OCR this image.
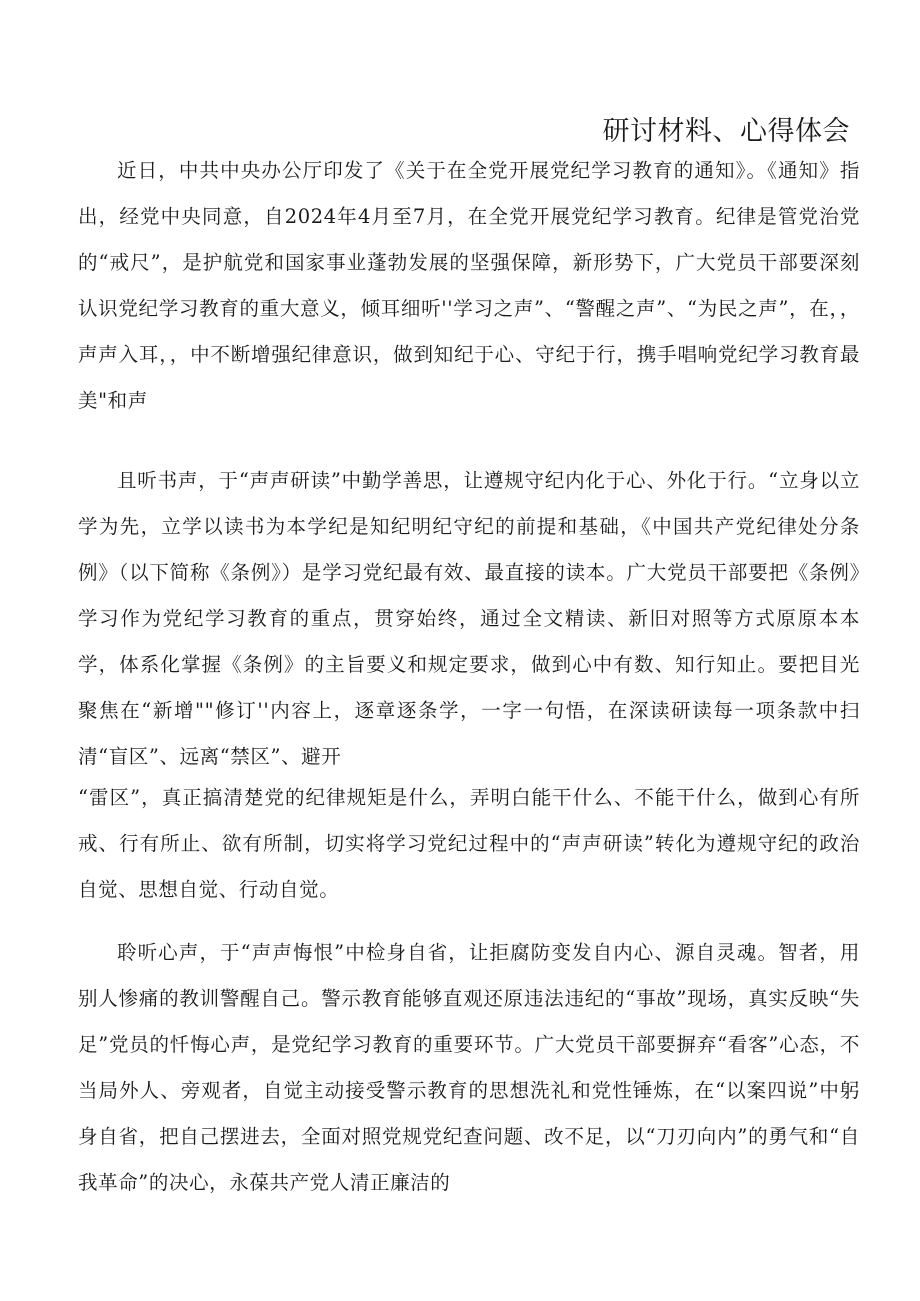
研讨材料、心得体会

近日，中共中央办公厅印发了《关于在全党开展党纪学习教育的通知》。《通知》指出，经党中央同意，自2024年4月至7月，在全党开展党纪学习教育。纪律是管党治党的“戒尺”，是护航党和国家事业蓬勃发展的坚强保障，新形势下，广大党员干部要深刻认识党纪学习教育的重大意义，倾耳细听''学习之声”、“警醒之声”、“为民之声”，在，，声声入耳，，中不断增强纪律意识，做到知纪于心、守纪于行，携手唱响党纪学习教育最美"和声

且听书声，于“声声研读”中勤学善思，让遵规守纪内化于心、外化于行。“立身以立学为先，立学以读书为本学纪是知纪明纪守纪的前提和基础，《中国共产党纪律处分条例》（以下简称《条例》）是学习党纪最有效、最直接的读本。广大党员干部要把《条例》学习作为党纪学习教育的重点，贯穿始终，通过全文精读、新旧对照等方式原原本本学，体系化掌握《条例》的主旨要义和规定要求，做到心中有数、知行知止。要把目光聚焦在“新增""修订''内容上，逐章逐条学，一字一句悟，在深读研读每一项条款中扫清“盲区”、远离“禁区”、避开

“雷区”，真正搞清楚党的纪律规矩是什么，弄明白能干什么、不能干什么，做到心有所戒、行有所止、欲有所制，切实将学习党纪过程中的“声声研读”转化为遵规守纪的政治自觉、思想自觉、行动自觉。

聆听心声，于“声声悔恨”中检身自省，让拒腐防变发自内心、源自灵魂。智者，用别人惨痛的教训警醒自己。警示教育能够直观还原违法违纪的“事故”现场，真实反映“失足”党员的忏悔心声，是党纪学习教育的重要环节。广大党员干部要摒弃“看客”心态，不当局外人、旁观者，自觉主动接受警示教育的思想洗礼和党性锤炼，在“以案四说”中躬身自省，把自己摆进去，全面对照党规党纪查问题、改不足，以“刀刃向内”的勇气和“自我革命”的决心，永葆共产党人清正廉洁的
